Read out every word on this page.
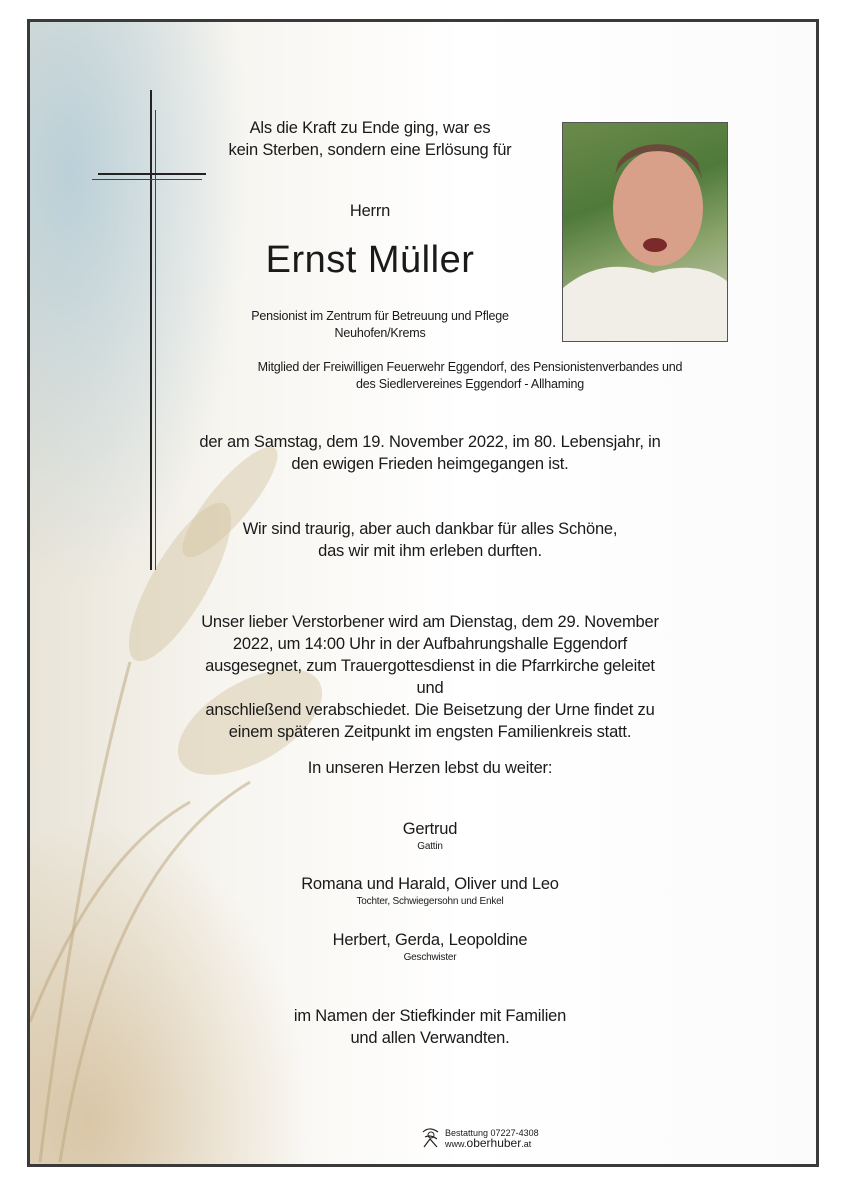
Als die Kraft zu Ende ging, war es
kein Sterben, sondern eine Erlösung für
Herrn
Ernst Müller
Pensionist im Zentrum für Betreuung und Pflege
Neuhofen/Krems
Mitglied der Freiwilligen Feuerwehr Eggendorf, des Pensionistenverbandes und
des Siedlervereines Eggendorf - Allhaming
der am Samstag, dem 19. November 2022, im 80. Lebensjahr, in
den ewigen Frieden heimgegangen ist.
Wir sind traurig, aber auch dankbar für alles Schöne,
das wir mit ihm erleben durften.
Unser lieber Verstorbener wird am Dienstag, dem 29. November
2022, um 14:00 Uhr in der Aufbahrungshalle Eggendorf
ausgesegnet, zum Trauergottesdienst in die Pfarrkirche geleitet und
anschließend verabschiedet. Die Beisetzung der Urne findet zu
einem späteren Zeitpunkt im engsten Familienkreis statt.
In unseren Herzen lebst du weiter:
Gertrud
Gattin
Romana und Harald, Oliver und Leo
Tochter, Schwiegersohn und Enkel
Herbert, Gerda, Leopoldine
Geschwister
im Namen der Stiefkinder mit Familien
und allen Verwandten.
Bestattung 07227-4308
www.oberhuber.at
